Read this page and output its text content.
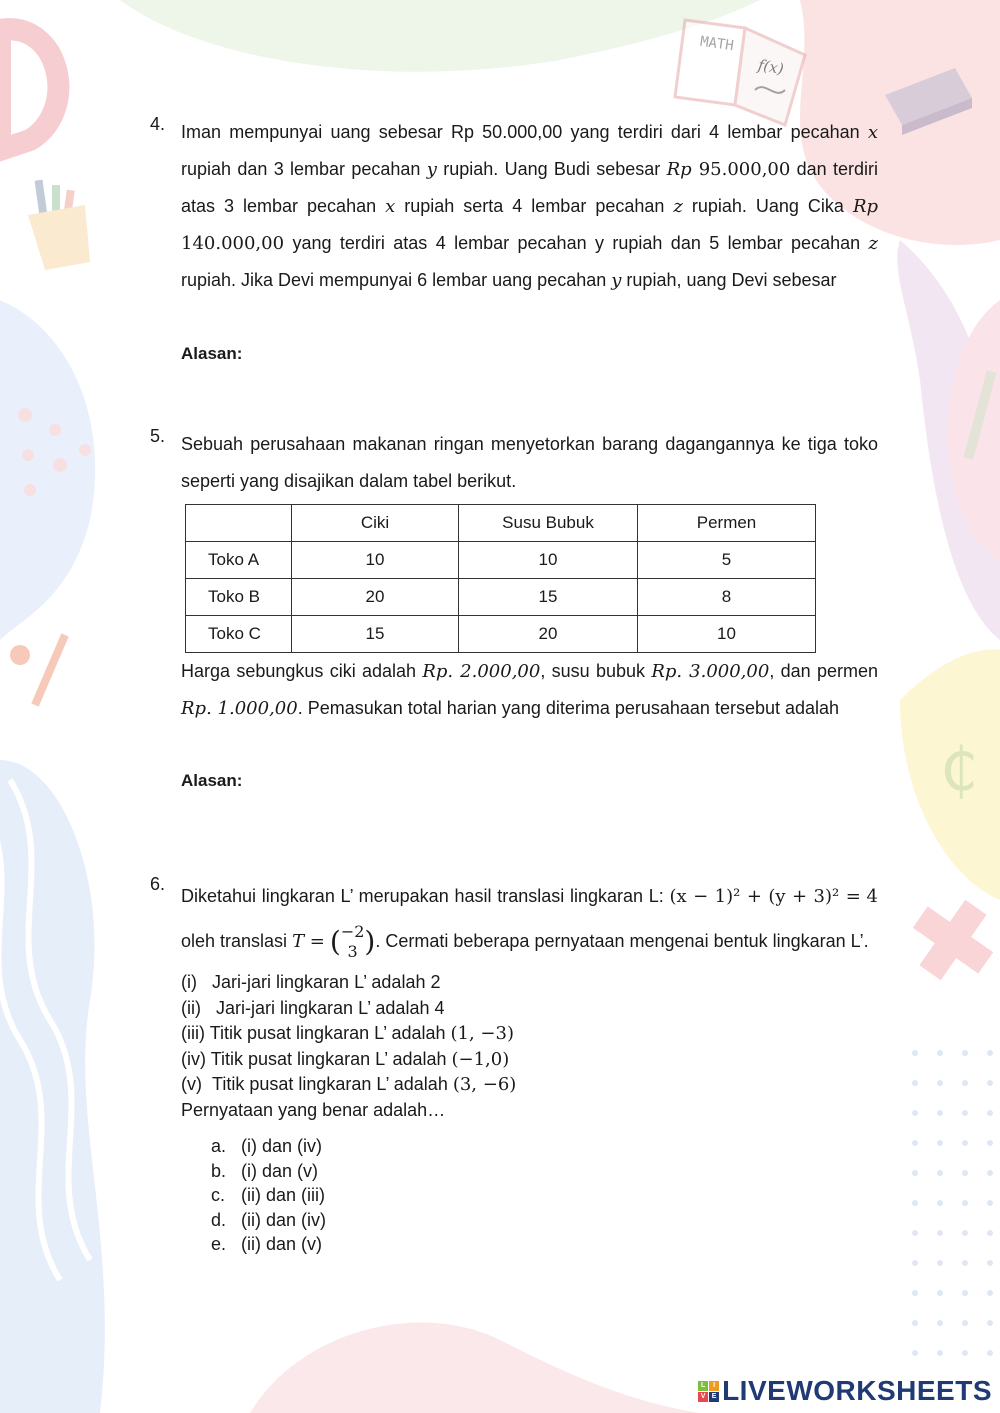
₵
MATH
f(x)
4. Iman mempunyai uang sebesar Rp 50.000,00 yang terdiri dari 4 lembar pecahan x rupiah dan 3 lembar pecahan y rupiah. Uang Budi sebesar Rp 95.000,00 dan terdiri atas 3 lembar pecahan x rupiah serta 4 lembar pecahan z rupiah. Uang Cika Rp 140.000,00 yang terdiri atas 4 lembar pecahan y rupiah dan 5 lembar pecahan z rupiah. Jika Devi mempunyai 6 lembar uang pecahan y rupiah, uang Devi sebesar

Alasan:
5. Sebuah perusahaan makanan ringan menyetorkan barang dagangannya ke tiga toko seperti yang disajikan dalam tabel berikut.

	Ciki	Susu Bubuk	Permen
Toko A	10	10	5
Toko B	20	15	8
Toko C	15	20	10

Harga sebungkus ciki adalah Rp. 2.000,00, susu bubuk Rp. 3.000,00, dan permen Rp. 1.000,00. Pemasukan total harian yang diterima perusahaan tersebut adalah

Alasan:
6.

Diketahui lingkaran L’ merupakan hasil translasi lingkaran L: (x − 1)² + (y + 3)² = 4 oleh translasi T = ( −2
3 ). Cermati beberapa pernyataan mengenai bentuk lingkaran L’.

(i) Jari-jari lingkaran L’ adalah 2
(ii) Jari-jari lingkaran L’ adalah 4
(iii) Titik pusat lingkaran L’ adalah (1, −3)
(iv) Titik pusat lingkaran L’ adalah (−1,0)
(v) Titik pusat lingkaran L’ adalah (3, −6)
Pernyataan yang benar adalah…
a. (i) dan (iv)
b. (i) dan (v)
c. (ii) dan (iii)
d. (ii) dan (iv)
e. (ii) dan (v)
L	I
V E LIVEWORKSHEETS
